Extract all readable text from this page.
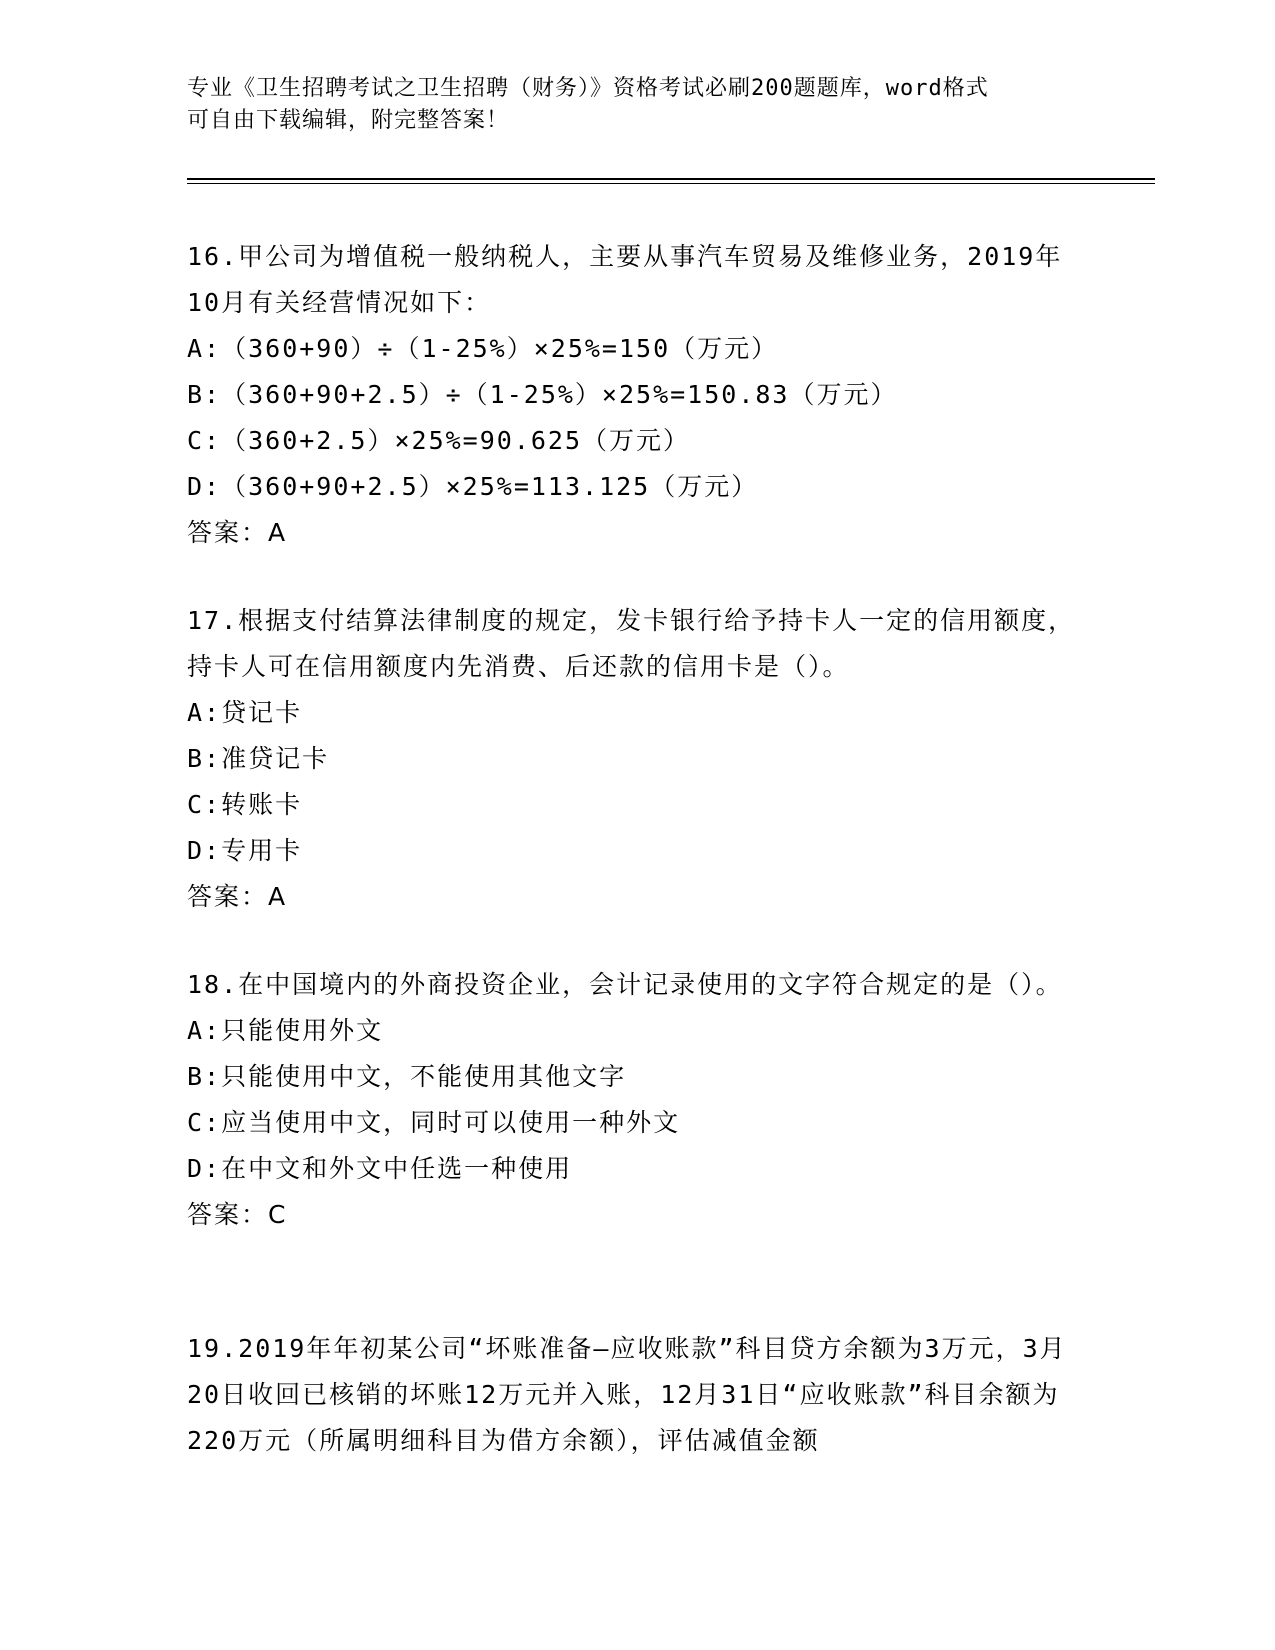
专业《卫生招聘考试之卫生招聘（财务）》资格考试必刷200题题库，word格式
可自由下载编辑，附完整答案！
16.甲公司为增值税一般纳税人，主要从事汽车贸易及维修业务，2019年10月有关经营情况如下：
A:（360+90）÷（1-25%）×25%=150（万元）
B:（360+90+2.5）÷（1-25%）×25%=150.83（万元）
C:（360+2.5）×25%=90.625（万元）
D:（360+90+2.5）×25%=113.125（万元）
答案：A
17.根据支付结算法律制度的规定，发卡银行给予持卡人一定的信用额度，持卡人可在信用额度内先消费、后还款的信用卡是（）。
A:贷记卡
B:准贷记卡
C:转账卡
D:专用卡
答案：A
18.在中国境内的外商投资企业，会计记录使用的文字符合规定的是（）。
A:只能使用外文
B:只能使用中文，不能使用其他文字
C:应当使用中文，同时可以使用一种外文
D:在中文和外文中任选一种使用
答案：C
19.2019年年初某公司“坏账准备—应收账款”科目贷方余额为3万元，3月20日收回已核销的坏账12万元并入账，12月31日“应收账款”科目余额为220万元（所属明细科目为借方余额），评估减值金额
